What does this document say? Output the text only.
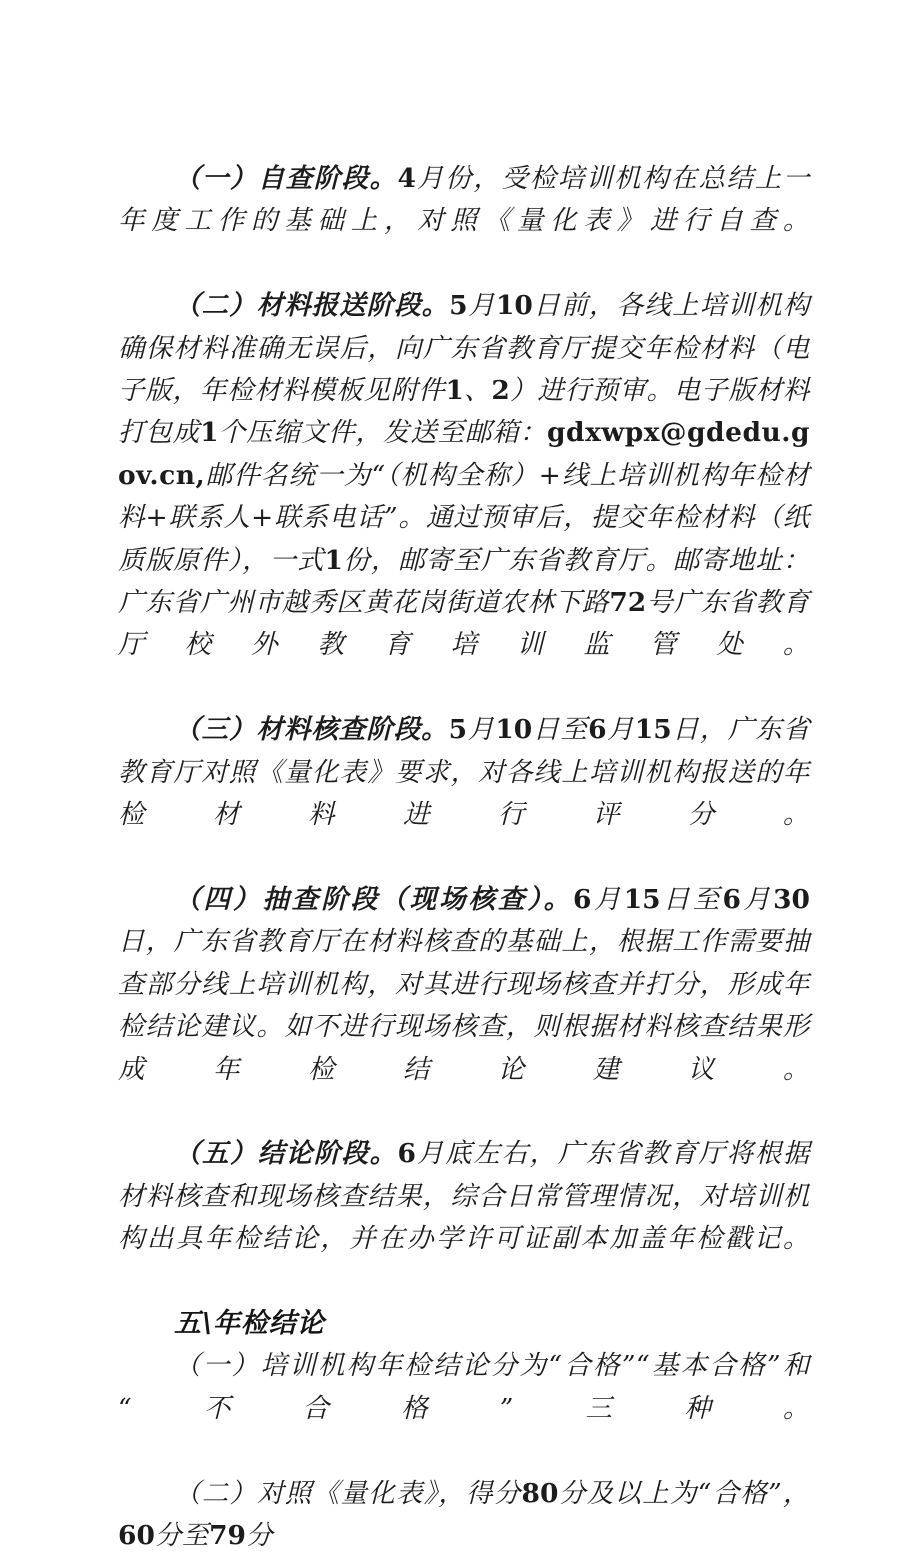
（一）自查阶段。4月份，受检培训机构在总结上一年度工作的基础上，对照《量化表》进行自查。

（二）材料报送阶段。5月10日前，各线上培训机构确保材料准确无误后，向广东省教育厅提交年检材料（电子版，年检材料模板见附件1、2）进行预审。电子版材料打包成1个压缩文件，发送至邮箱：gdxwpx@gdedu.gov.cn,邮件名统一为“（机构全称）+线上培训机构年检材料+联系人+联系电话”。通过预审后，提交年检材料（纸质版原件），一式1份，邮寄至广东省教育厅。邮寄地址：广东省广州市越秀区黄花岗街道农林下路72号广东省教育厅校外教育培训监管处。

（三）材料核查阶段。5月10日至6月15日，广东省教育厅对照《量化表》要求，对各线上培训机构报送的年检材料进行评分。

（四）抽查阶段（现场核查）。6月15日至6月30日，广东省教育厅在材料核查的基础上，根据工作需要抽查部分线上培训机构，对其进行现场核查并打分，形成年检结论建议。如不进行现场核查，则根据材料核查结果形成年检结论建议。

（五）结论阶段。6月底左右，广东省教育厅将根据材料核查和现场核查结果，综合日常管理情况，对培训机构出具年检结论，并在办学许可证副本加盖年检戳记。

五\年检结论

（一）培训机构年检结论分为“合格”“基本合格”和“不合格”三种。

（二）对照《量化表》，得分80分及以上为“合格”，60分至79分
